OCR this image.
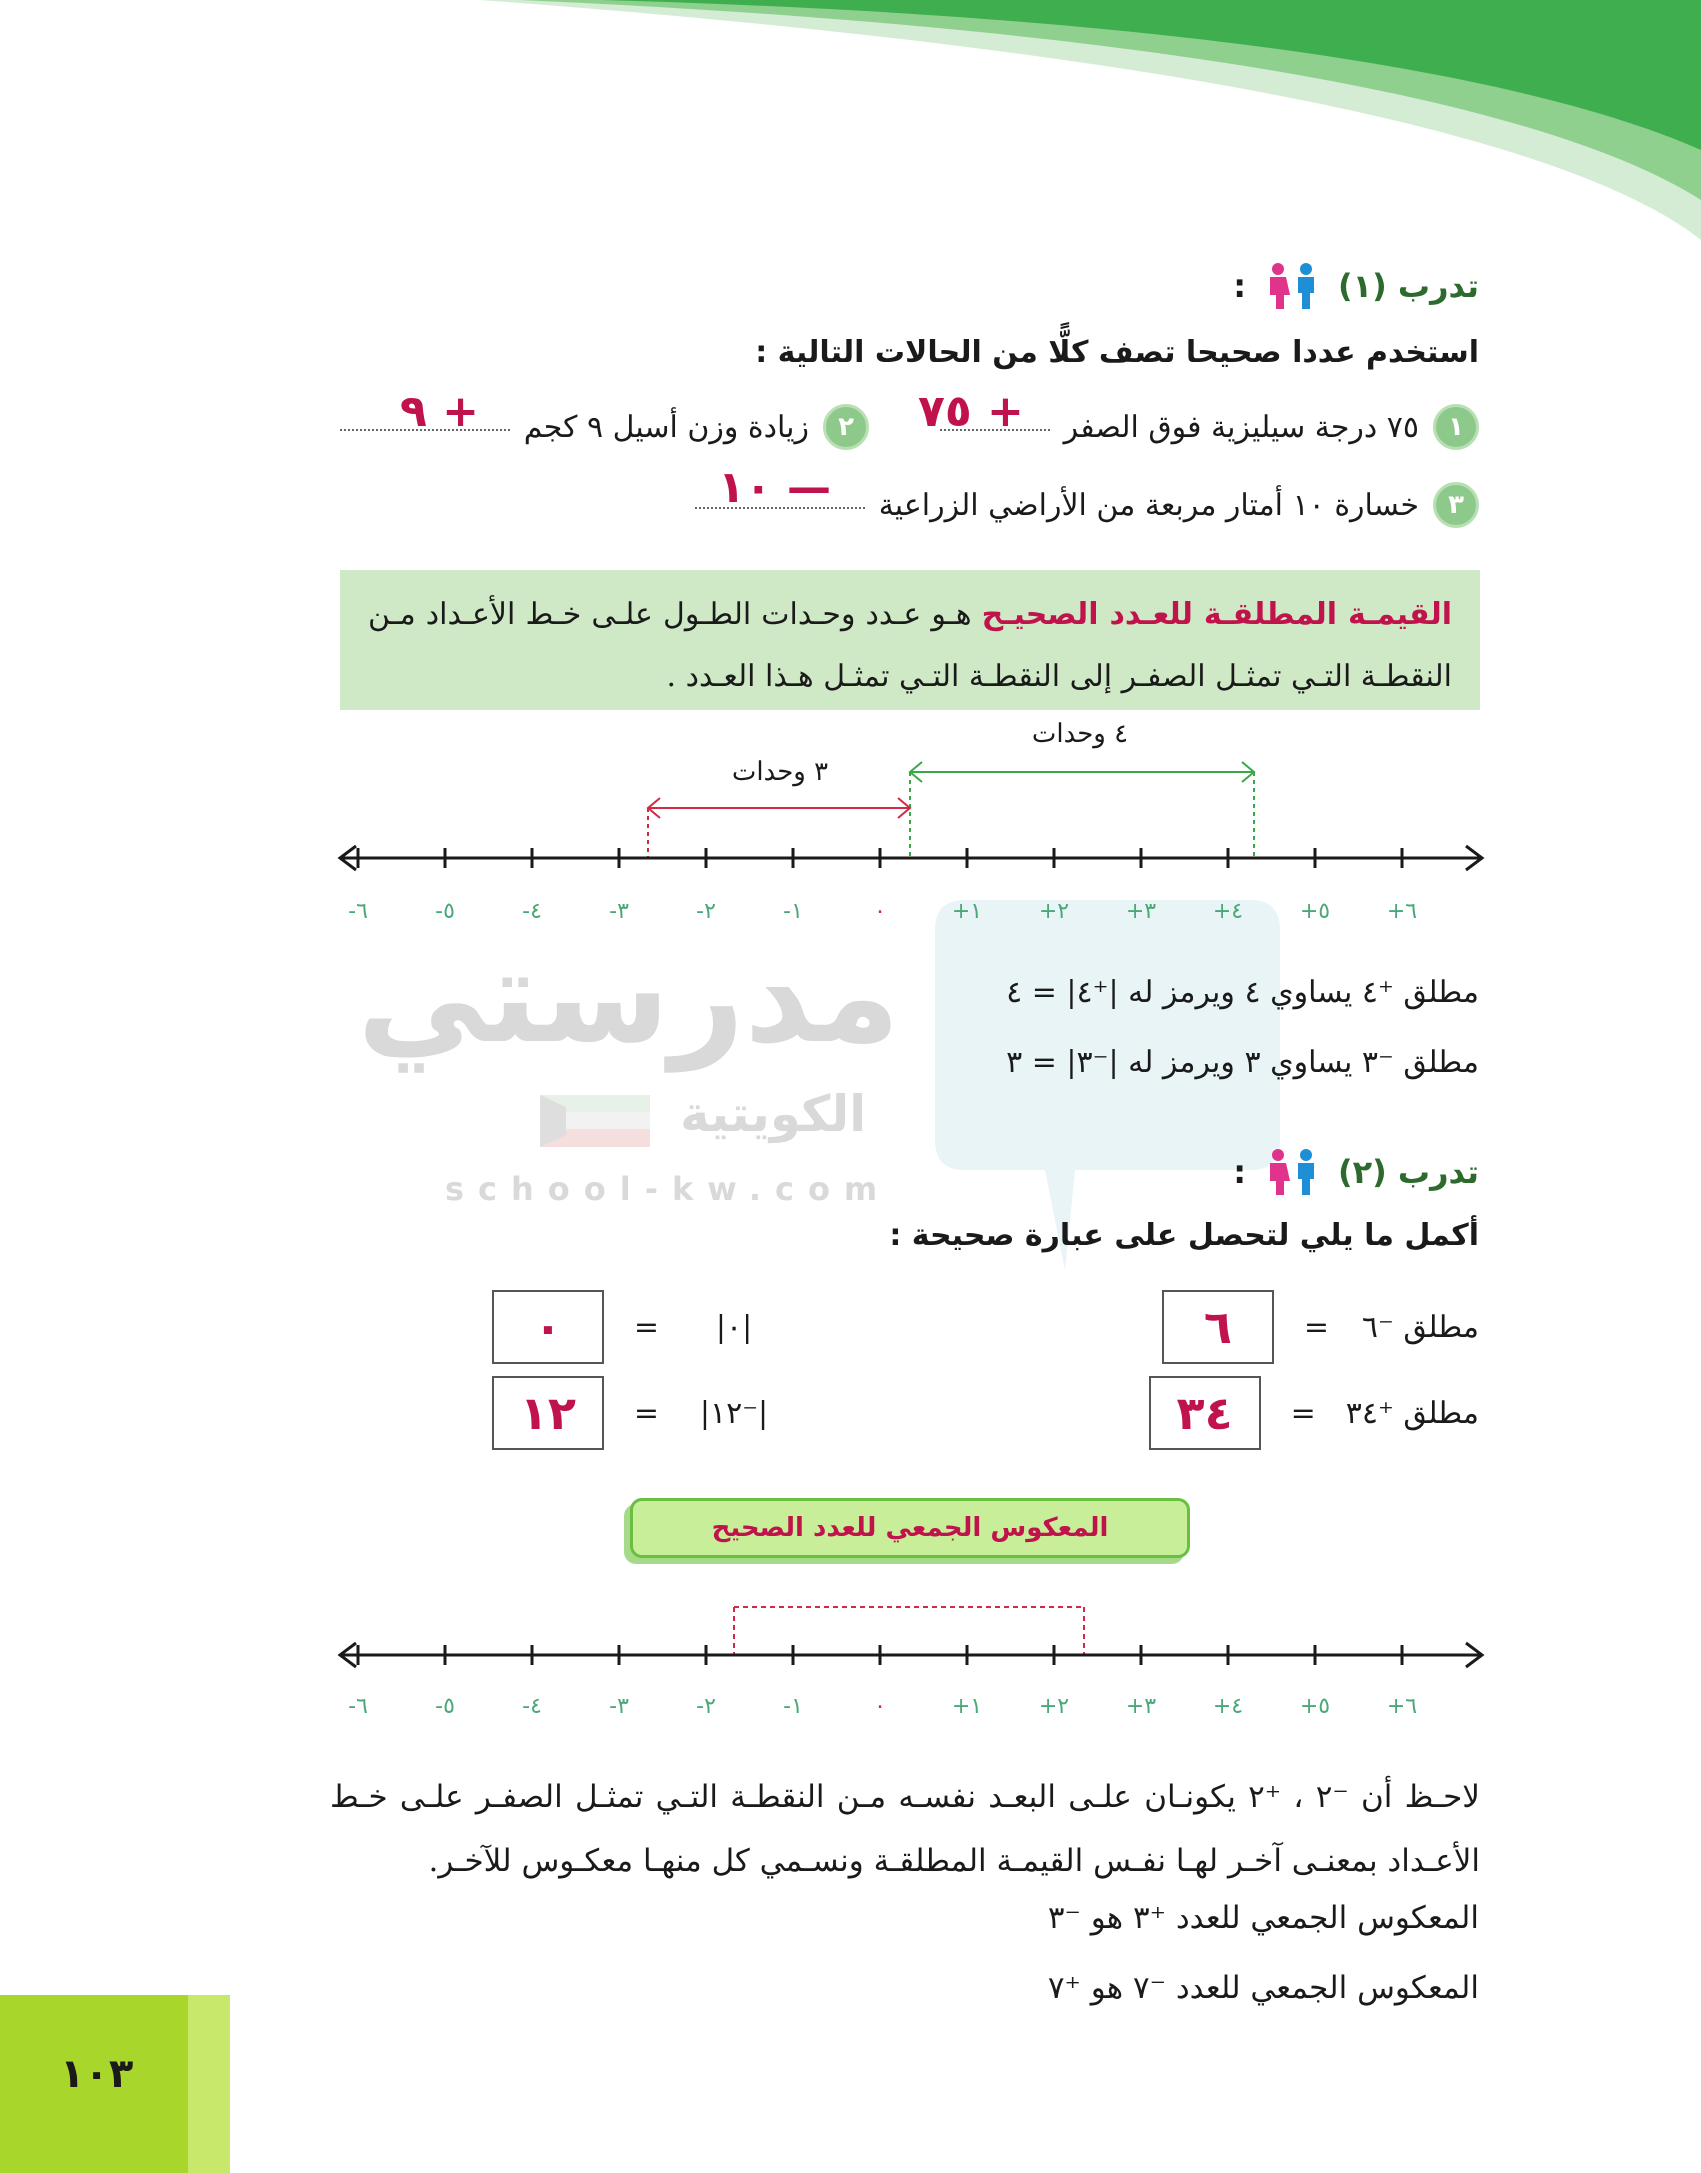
مدرستي
الكويتية
school-kw.com
تدرب (١)
:
استخدم عددا صحيحا تصف كلًّا من الحالات التالية :
١
٧٥ درجة سيليزية فوق الصفر
٧٥ +
٢
زيادة وزن أسيل ٩ كجم
٩ +
٣
خسارة ١٠ أمتار مربعة من الأراضي الزراعية
١٠ —
القيمـة المطلقـة للعـدد الصحيـح هـو عـدد وحـدات الطـول علـى خـط الأعـداد مـن النقطـة التـي تمثـل الصفـر إلى النقطـة التـي تمثـل هـذا العـدد .
٤ وحدات
٣ وحدات
-٦	-٥	-٤	-٣	-٢	-١	٠	+١	+٢	+٣	+٤	+٥	+٦
مطلق ⁺٤ يساوي ٤ ويرمز له |⁺٤| = ٤
مطلق ⁻٣ يساوي ٣ ويرمز له |⁻٣| = ٣
تدرب (٢)
:
أكمل ما يلي لتحصل على عبارة صحيحة :
مطلق ⁻٦
=
٦
|٠|
=
٠
مطلق ⁺٣٤
=
٣٤
|⁻١٢|
=
١٢
المعكوس الجمعي للعدد الصحيح
-٦	-٥	-٤	-٣	-٢	-١	٠	+١	+٢	+٣	+٤	+٥	+٦
لاحـظ أن ⁻٢ ، ⁺٢ يكونـان علـى البعـد نفسـه مـن النقطـة التـي تمثـل الصفـر علـى خـط الأعـداد بمعنـى آخـر لهـا نفـس القيمـة المطلقـة ونسـمي كل منهـا معكـوس للآخـر.
المعكوس الجمعي للعدد ⁺٣ هو ⁻٣
المعكوس الجمعي للعدد ⁻٧ هو ⁺٧
١٠٣
